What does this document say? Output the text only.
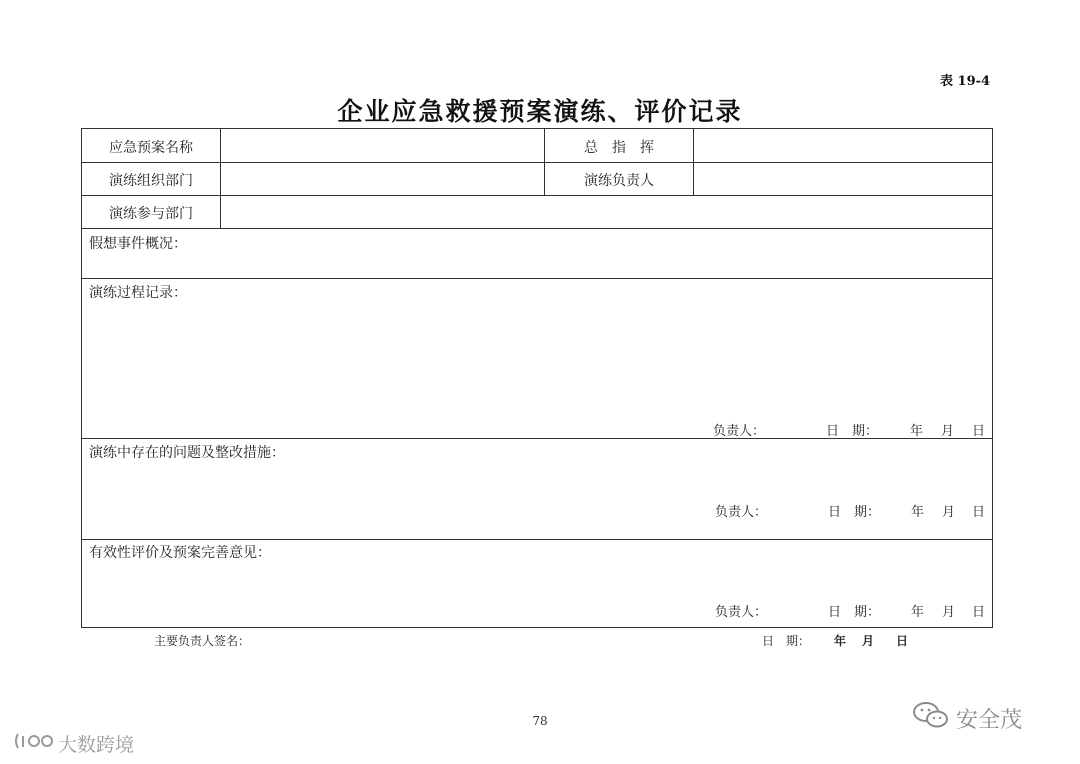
表 19-4
企业应急救援预案演练、评价记录
应急预案名称	总　指　挥
演练组织部门	演练负责人
演练参与部门
假想事件概况：
演练过程记录：
负责人：	日　期： 年 月 日
演练中存在的问题及整改措施：
负责人：	日　期： 年 月 日
有效性评价及预案完善意见：
负责人：	日　期： 年 月 日
主要负责人签名：	日　期： 年 月 日
78
大数跨境
安全茂
